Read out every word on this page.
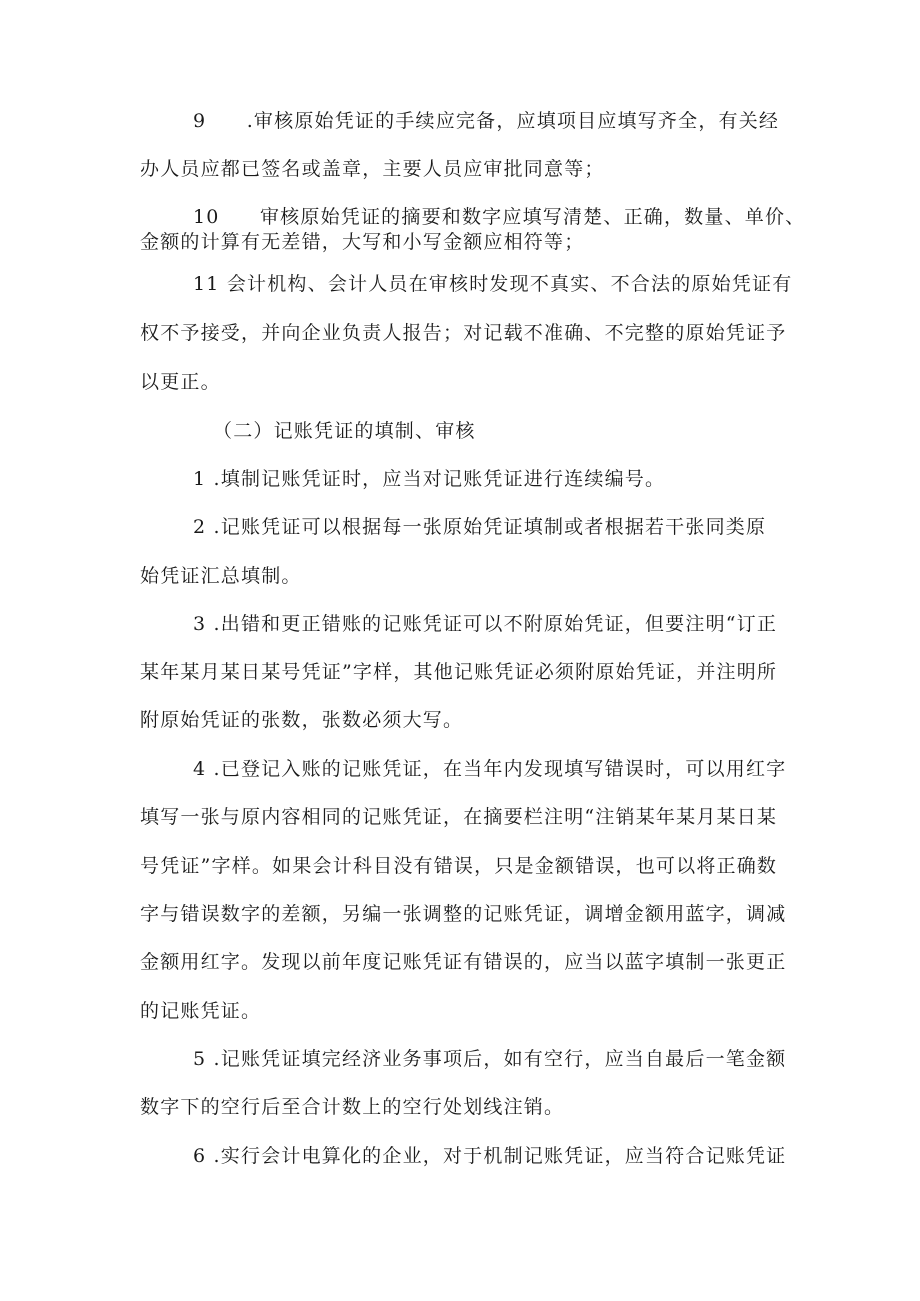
9　　.审核原始凭证的手续应完备，应填项目应填写齐全，有关经
办人员应都已签名或盖章，主要人员应审批同意等；
10　　审核原始凭证的摘要和数字应填写清楚、正确，数量、单价、
金额的计算有无差错，大写和小写金额应相符等；
11 会计机构、会计人员在审核时发现不真实、不合法的原始凭证有
权不予接受，并向企业负责人报告；对记载不准确、不完整的原始凭证予
以更正。
（二）记账凭证的填制、审核
1 .填制记账凭证时，应当对记账凭证进行连续编号。
2 .记账凭证可以根据每一张原始凭证填制或者根据若干张同类原
始凭证汇总填制。
3 .出错和更正错账的记账凭证可以不附原始凭证，但要注明“订正
某年某月某日某号凭证”字样，其他记账凭证必须附原始凭证，并注明所
附原始凭证的张数，张数必须大写。
4 .已登记入账的记账凭证，在当年内发现填写错误时，可以用红字
填写一张与原内容相同的记账凭证，在摘要栏注明“注销某年某月某日某
号凭证”字样。如果会计科目没有错误，只是金额错误，也可以将正确数
字与错误数字的差额，另编一张调整的记账凭证，调增金额用蓝字，调减
金额用红字。发现以前年度记账凭证有错误的，应当以蓝字填制一张更正
的记账凭证。
5 .记账凭证填完经济业务事项后，如有空行，应当自最后一笔金额
数字下的空行后至合计数上的空行处划线注销。
6 .实行会计电算化的企业，对于机制记账凭证，应当符合记账凭证
